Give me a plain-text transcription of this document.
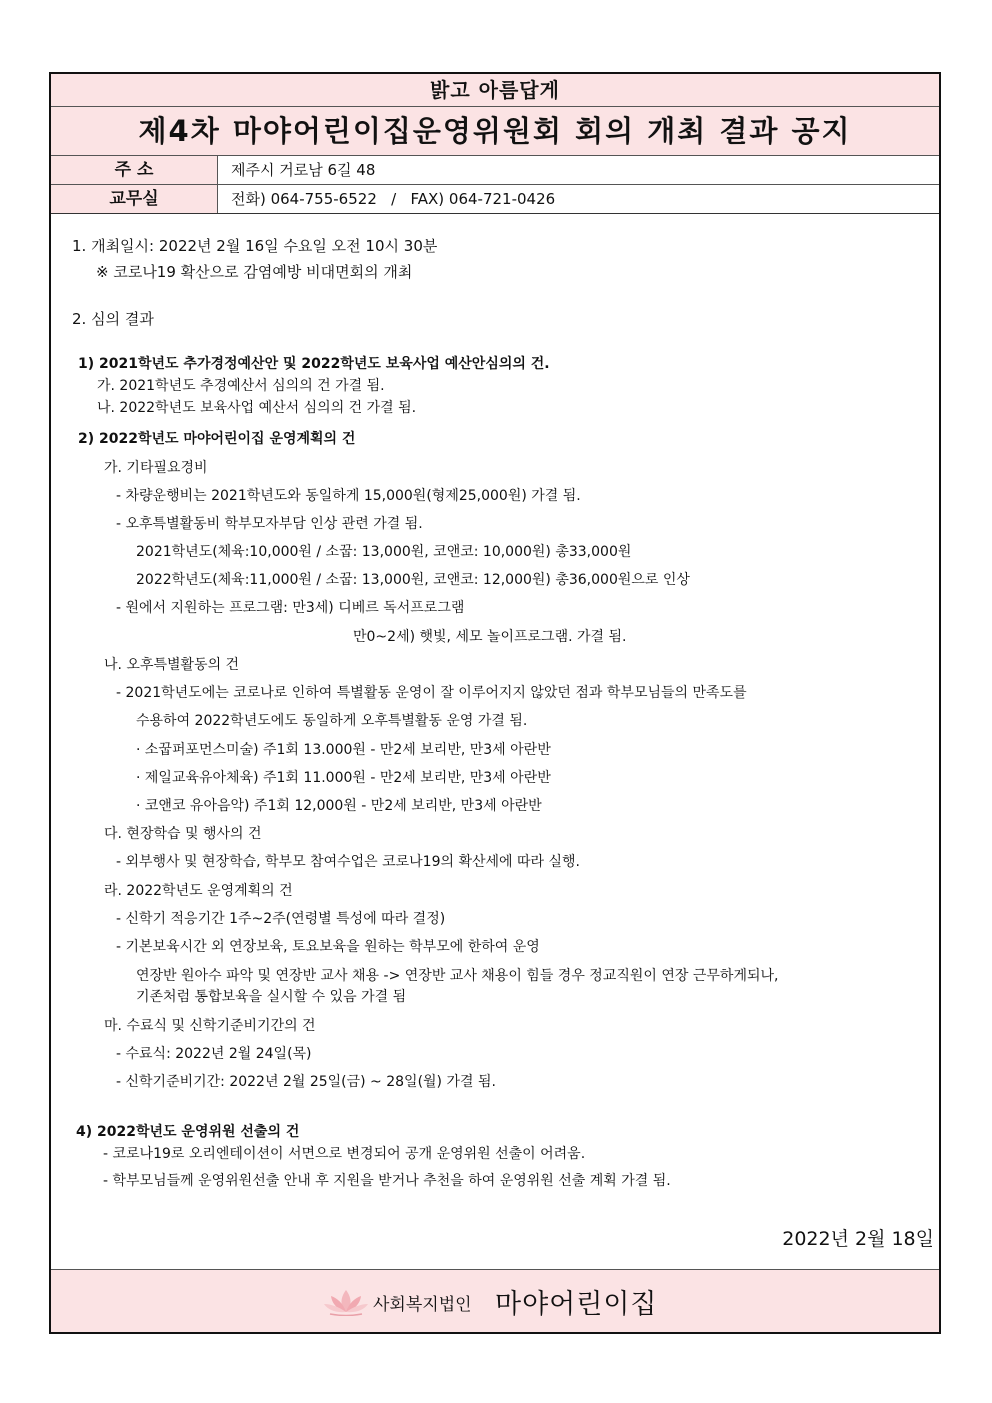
밝고 아름답게
제4차 마야어린이집운영위원회 회의 개최 결과 공지
주 소	제주시 거로남 6길 48
교무실	전화) 064-755-6522   /   FAX) 064-721-0426
1. 개최일시: 2022년 2월 16일 수요일 오전 10시 30분
※ 코로나19 확산으로 감염예방 비대면회의 개최
2. 심의 결과
1) 2021학년도 추가경정예산안 및 2022학년도 보육사업 예산안심의의 건.
가. 2021학년도 추경예산서 심의의 건 가결 됨.
나. 2022학년도 보육사업 예산서 심의의 건 가결 됨.
2) 2022학년도 마야어린이집 운영계획의 건
가. 기타필요경비
- 차량운행비는 2021학년도와 동일하게 15,000원(형제25,000원) 가결 됨.
- 오후특별활동비 학부모자부담 인상 관련 가결 됨.
2021학년도(체육:10,000원 / 소꿉: 13,000원, 코앤코: 10,000원) 총33,000원
2022학년도(체육:11,000원 / 소꿉: 13,000원, 코앤코: 12,000원) 총36,000원으로 인상
- 원에서 지원하는 프로그램: 만3세) 디베르 독서프로그램
만0~2세) 햇빛, 세모 놀이프로그램. 가결 됨.
나. 오후특별활동의 건
- 2021학년도에는 코로나로 인하여 특별활동 운영이 잘 이루어지지 않았던 점과 학부모님들의 만족도를
수용하여 2022학년도에도 동일하게 오후특별활동 운영 가결 됨.
· 소꿉퍼포먼스미술) 주1회 13.000원 - 만2세 보리반, 만3세 아란반
· 제일교육유아체육) 주1회 11.000원 - 만2세 보리반, 만3세 아란반
· 코앤코 유아음악) 주1회 12,000원 - 만2세 보리반, 만3세 아란반
다. 현장학습 및 행사의 건
- 외부행사 및 현장학습, 학부모 참여수업은 코로나19의 확산세에 따라 실행.
라. 2022학년도 운영계획의 건
- 신학기 적응기간 1주~2주(연령별 특성에 따라 결정)
- 기본보육시간 외 연장보육, 토요보육을 원하는 학부모에 한하여 운영
연장반 원아수 파악 및 연장반 교사 채용 -> 연장반 교사 채용이 힘들 경우 정교직원이 연장 근무하게되나,
기존처럼 통합보육을 실시할 수 있음 가결 됨
마. 수료식 및 신학기준비기간의 건
- 수료식: 2022년 2월 24일(목)
- 신학기준비기간: 2022년 2월 25일(금) ~ 28일(월) 가결 됨.
4) 2022학년도 운영위원 선출의 건
- 코로나19로 오리엔테이션이 서면으로 변경되어 공개 운영위원 선출이 어려움.
- 학부모님들께 운영위원선출 안내 후 지원을 받거나 추천을 하여 운영위원 선출 계획 가결 됨.
2022년 2월 18일
사회복지법인 마야어린이집
